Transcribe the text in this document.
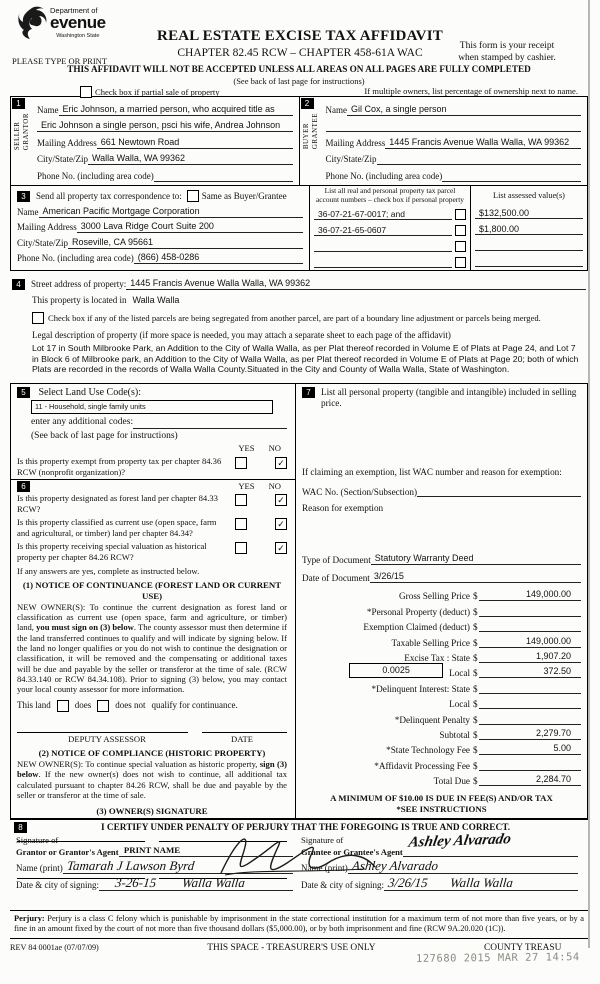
Department of
evenue
Washington State
PLEASE TYPE OR PRINT
REAL ESTATE EXCISE TAX AFFIDAVIT
CHAPTER 82.45 RCW – CHAPTER 458-61A WAC
This form is your receipt
when stamped by cashier.
THIS AFFIDAVIT WILL NOT BE ACCEPTED UNLESS ALL AREAS ON ALL PAGES ARE FULLY COMPLETED
(See back of last page for instructions)
Check box if partial sale of property	If multiple owners, list percentage of ownership next to name.
1
SELLER GRANTOR
Name Eric Johnson, a married person, who acquired title as
Eric Johnson a single person, psci his wife, Andrea Johnson
Mailing Address 661 Newtown Road
City/State/Zip Walla Walla, WA 99362
Phone No. (including area code)
2
BUYER GRANTEE
Name Gil Cox, a single person
Mailing Address 1445 Francis Avenue Walla Walla, WA 99362
City/State/Zip
Phone No. (including area code)
3	Send all property tax correspondence to: Same as Buyer/Grantee
Name American Pacific Mortgage Corporation
Mailing Address 3000 Lava Ridge Court Suite 200
City/State/Zip Roseville, CA 95661
Phone No. (including area code) (866) 458-0286
List all real and personal property tax parcel account numbers – check box if personal property
36-07-21-67-0017; and
36-07-21-65-0607
List assessed value(s)
$132,500.00
$1,800.00
4	Street address of property: 1445 Francis Avenue Walla Walla, WA 99362
This property is located in Walla Walla
Check box if any of the listed parcels are being segregated from another parcel, are part of a boundary line adjustment or parcels being merged.
Legal description of property (if more space is needed, you may attach a separate sheet to each page of the affidavit)
Lot 17 in South Milbrooke Park, an Addition to the City of Walla Walla, as per Plat thereof recorded in Volume E of Plats at Page 24, and Lot 7 in Block 6 of Milbrooke park, an Addition to the City of Walla Walla, as per Plat thereof recorded in Volume E of Plats at Page 20; both of which Plats are recorded in the records of Walla Walla County.Situated in the City and County of Walla Walla, State of Washington.
5 Select Land Use Code(s):
11 - Household, single family units
enter any additional codes:
(See back of last page for instructions)
YES NO
Is this property exempt from property tax per chapter 84.36 RCW (nonprofit organization)?
✓
6	YES NO
Is this property designated as forest land per chapter 84.33 RCW?
✓
Is this property classified as current use (open space, farm and agricultural, or timber) land per chapter 84.34?
✓
Is this property receiving special valuation as historical property per chapter 84.26 RCW?
✓
If any answers are yes, complete as instructed below.
(1) NOTICE OF CONTINUANCE (FOREST LAND OR CURRENT USE)
NEW OWNER(S): To continue the current designation as forest land or classification as current use (open space, farm and agriculture, or timber) land, you must sign on (3) below. The county assessor must then determine if the land transferred continues to qualify and will indicate by signing below. If the land no longer qualifies or you do not wish to continue the designation or classification, it will be removed and the compensating or additional taxes will be due and payable by the seller or transferor at the time of sale. (RCW 84.33.140 or RCW 84.34.108). Prior to signing (3) below, you may contact your local county assessor for more information.
This land	does	does not qualify for continuance.
DEPUTY ASSESSOR	DATE
(2) NOTICE OF COMPLIANCE (HISTORIC PROPERTY)
NEW OWNER(S): To continue special valuation as historic property, sign (3) below. If the new owner(s) does not wish to continue, all additional tax calculated pursuant to chapter 84.26 RCW, shall be due and payable by the seller or transferor at the time of sale.
(3) OWNER(S) SIGNATURE
PRINT NAME
7	List all personal property (tangible and intangible) included in selling price.
If claiming an exemption, list WAC number and reason for exemption:
WAC No. (Section/Subsection)
Reason for exemption
Type of Document Statutory Warranty Deed
Date of Document 3/26/15
Gross Selling Price $	149,000.00
*Personal Property (deduct) $
Exemption Claimed (deduct) $
Taxable Selling Price $	149,000.00
Excise Tax : State $	1,907.20
0.0025	Local $	372.50
*Delinquent Interest: State $
Local $
*Delinquent Penalty $
Subtotal $	2,279.70
*State Technology Fee $	5.00
*Affidavit Processing Fee $
Total Due $	2,284.70
A MINIMUM OF $10.00 IS DUE IN FEE(S) AND/OR TAX
*SEE INSTRUCTIONS
8	I CERTIFY UNDER PENALTY OF PERJURY THAT THE FOREGOING IS TRUE AND CORRECT.
Signature of
Grantor or Grantor's Agent
Name (print) Tamarah J Lawson Byrd
Date & city of signing:	3-26-15 Walla Walla
Signature of
Grantee or Grantee's Agent
Ashley Alvarado
Name (print) Ashley Alvarado
Date & city of signing: 3/26/15 Walla Walla
Perjury: Perjury is a class C felony which is punishable by imprisonment in the state correctional institution for a maximum term of not more than five years, or by a fine in an amount fixed by the court of not more than five thousand dollars ($5,000.00), or by both imprisonment and fine (RCW 9A.20.020 (1C)).
REV 84 0001ae (07/07/09)	THIS SPACE - TREASURER'S USE ONLY	COUNTY TREASU
127680 2015 MAR 27 14:54
